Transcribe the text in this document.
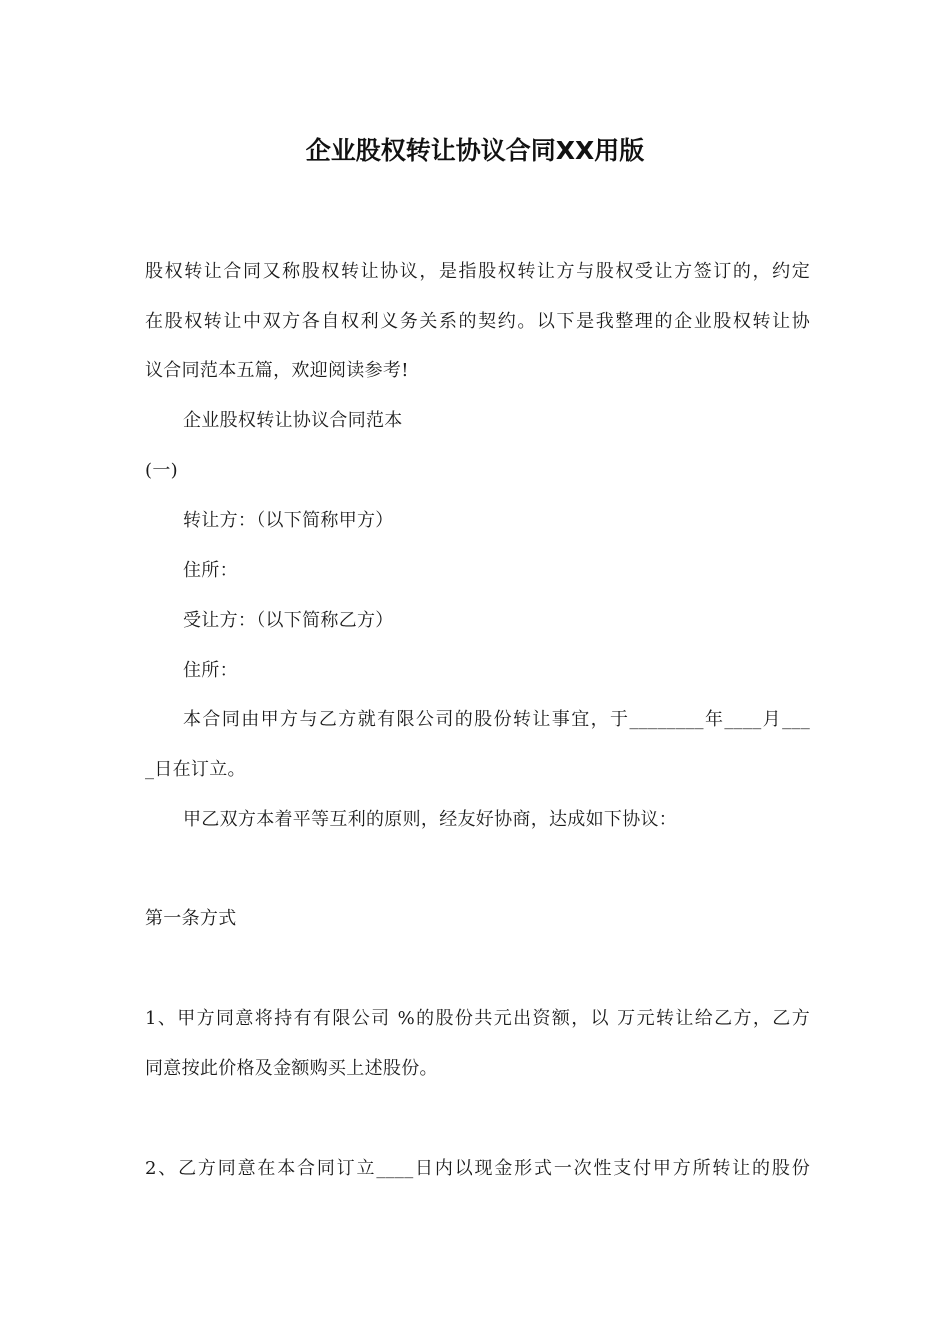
企业股权转让协议合同XX用版
股权转让合同又称股权转让协议，是指股权转让方与股权受让方签订的，约定
在股权转让中双方各自权利义务关系的契约。以下是我整理的企业股权转让协
议合同范本五篇，欢迎阅读参考!
企业股权转让协议合同范本
(一)
转让方：（以下简称甲方）
住所：
受让方：（以下简称乙方）
住所：
本合同由甲方与乙方就有限公司的股份转让事宜，于________年____月___
_日在订立。
甲乙双方本着平等互利的原则，经友好协商，达成如下协议：
第一条方式
1、甲方同意将持有有限公司 %的股份共元出资额，以 万元转让给乙方，乙方
同意按此价格及金额购买上述股份。
2、乙方同意在本合同订立____日内以现金形式一次性支付甲方所转让的股份
